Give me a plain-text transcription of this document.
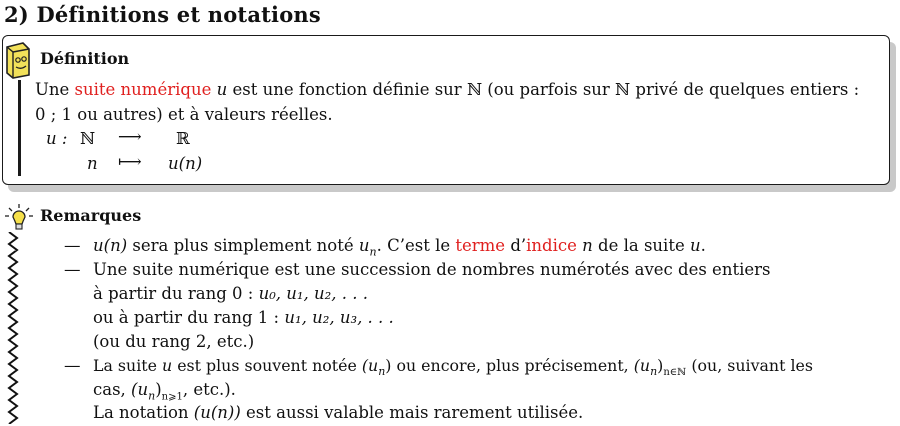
2) Définitions et notations
Définition
Une suite numérique u est une fonction définie sur ℕ (ou parfois sur ℕ privé de quelques entiers :
0 ; 1 ou autres) et à valeurs réelles.
u : ℕ ⟶ ℝ
n ⟼ u(n)
Remarques
— u(n) sera plus simplement noté $u_n$. C’est le terme d’indice n de la suite u.
— Une suite numérique est une succession de nombres numérotés avec des entiers
à partir du rang 0 : u₀, u₁, u₂, . . .
ou à partir du rang 1 : u₁, u₂, u₃, . . .
(ou du rang 2, etc.)
— La suite u est plus souvent notée $(u_n)$ ou encore, plus précisement, $(u_n)_{n\in ℕ}$ (ou, suivant les
cas, $(u_n)_{n⩾1}$, etc.).
La notation (u(n)) est aussi valable mais rarement utilisée.
